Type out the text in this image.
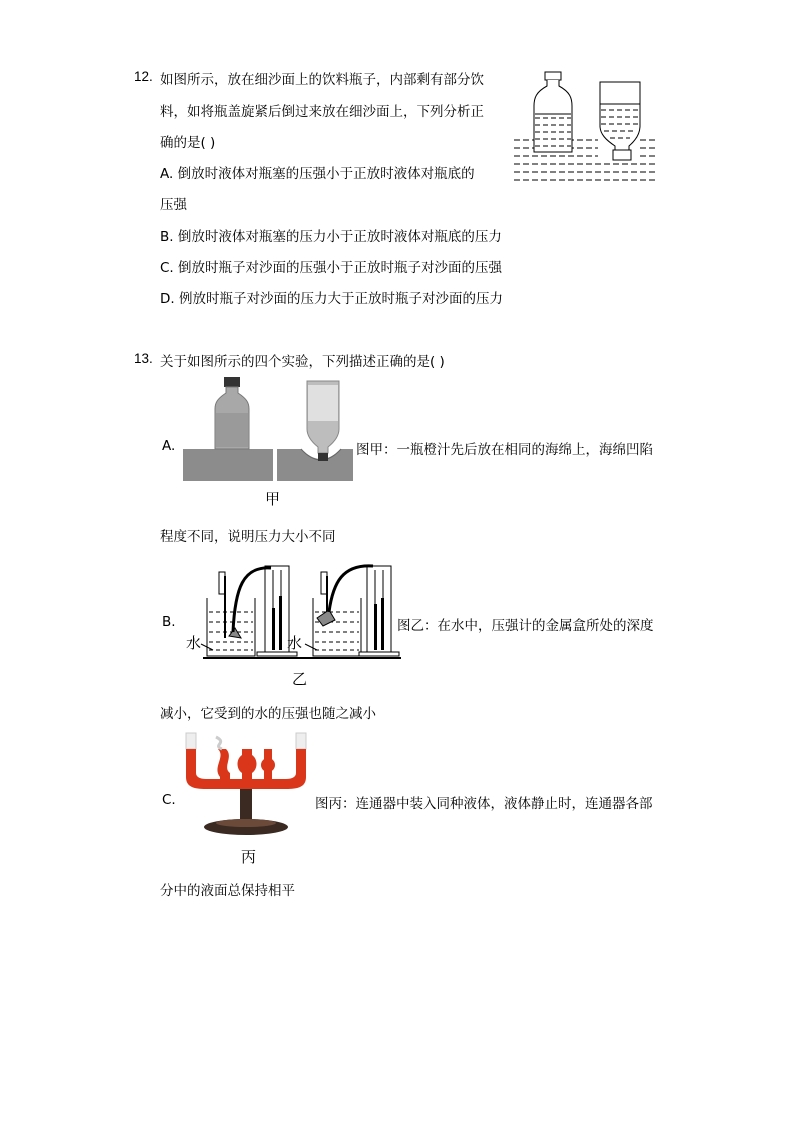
12. 如图所示，放在细沙面上的饮料瓶子，内部剩有部分饮
料，如将瓶盖旋紧后倒过来放在细沙面上，下列分析正
确的是( )
A. 倒放时液体对瓶塞的压强小于正放时液体对瓶底的
压强
B. 倒放时液体对瓶塞的压力小于正放时液体对瓶底的压力
C. 倒放时瓶子对沙面的压强小于正放时瓶子对沙面的压强
D. 例放时瓶子对沙面的压力大于正放时瓶子对沙面的压力
13. 关于如图所示的四个实验，下列描述正确的是( )
A.
甲
图甲：一瓶橙汁先后放在相同的海绵上，海绵凹陷
程度不同，说明压力大小不同
B.
水	水
乙
图乙：在水中，压强计的金属盒所处的深度
减小，它受到的水的压强也随之减小
C.
丙
图丙：连通器中装入同种液体，液体静止时，连通器各部
分中的液面总保持相平
